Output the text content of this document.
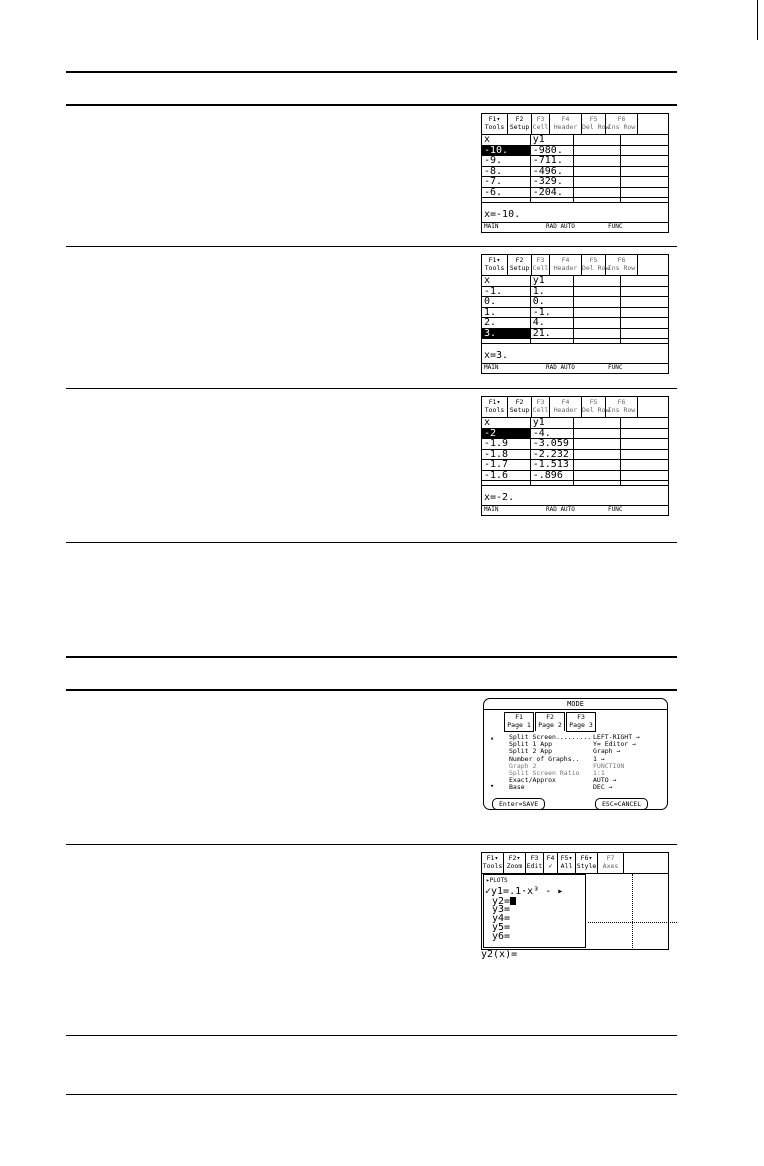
F1▾
Tools
F2
Setup
F3
Cell
F4
Header
F5
Del Row
F6
Ins Row
x	y1		
-10.	-980.		
-9.	-711.		
-8.	-496.		
-7.	-329.		
-6.	-204.		

x=-10.
MAIN	RAD AUTO	FUNC
F1▾
Tools
F2
Setup
F3
Cell
F4
Header
F5
Del Row
F6
Ins Row
x	y1		
-1.	1.		
0.	0.		
1.	-1.		
2.	4.		
3.	21.		

x=3.
MAIN	RAD AUTO	FUNC
F1▾
Tools
F2
Setup
F3
Cell
F4
Header
F5
Del Row
F6
Ins Row
x	y1		
-2	-4.		
-1.9	-3.059		
-1.8	-2.232		
-1.7	-1.513		
-1.6	-.896		

x=-2.
MAIN	RAD AUTO	FUNC
MODE
F1
Page 1
F2
Page 2
F3
Page 3
▴
▾
Split Screen......... LEFT-RIGHT →
Split 1 App	Y= Editor →
Split 2 App	Graph →
Number of Graphs..	1 →
Graph 2	FUNCTION
Split Screen Ratio	1:1
Exact/Approx	AUTO →
Base	DEC →
Enter=SAVE	ESC=CANCEL
F1▾
Tools
F2▾
Zoom
F3
Edit
F4
✓
F5▾
All
F6▾
Style
F7
Axes
▸PLOTS
✓y1=.1·x³ - ▸
y2=
y3=
y4=
y5=
y6=
y2(x)=
